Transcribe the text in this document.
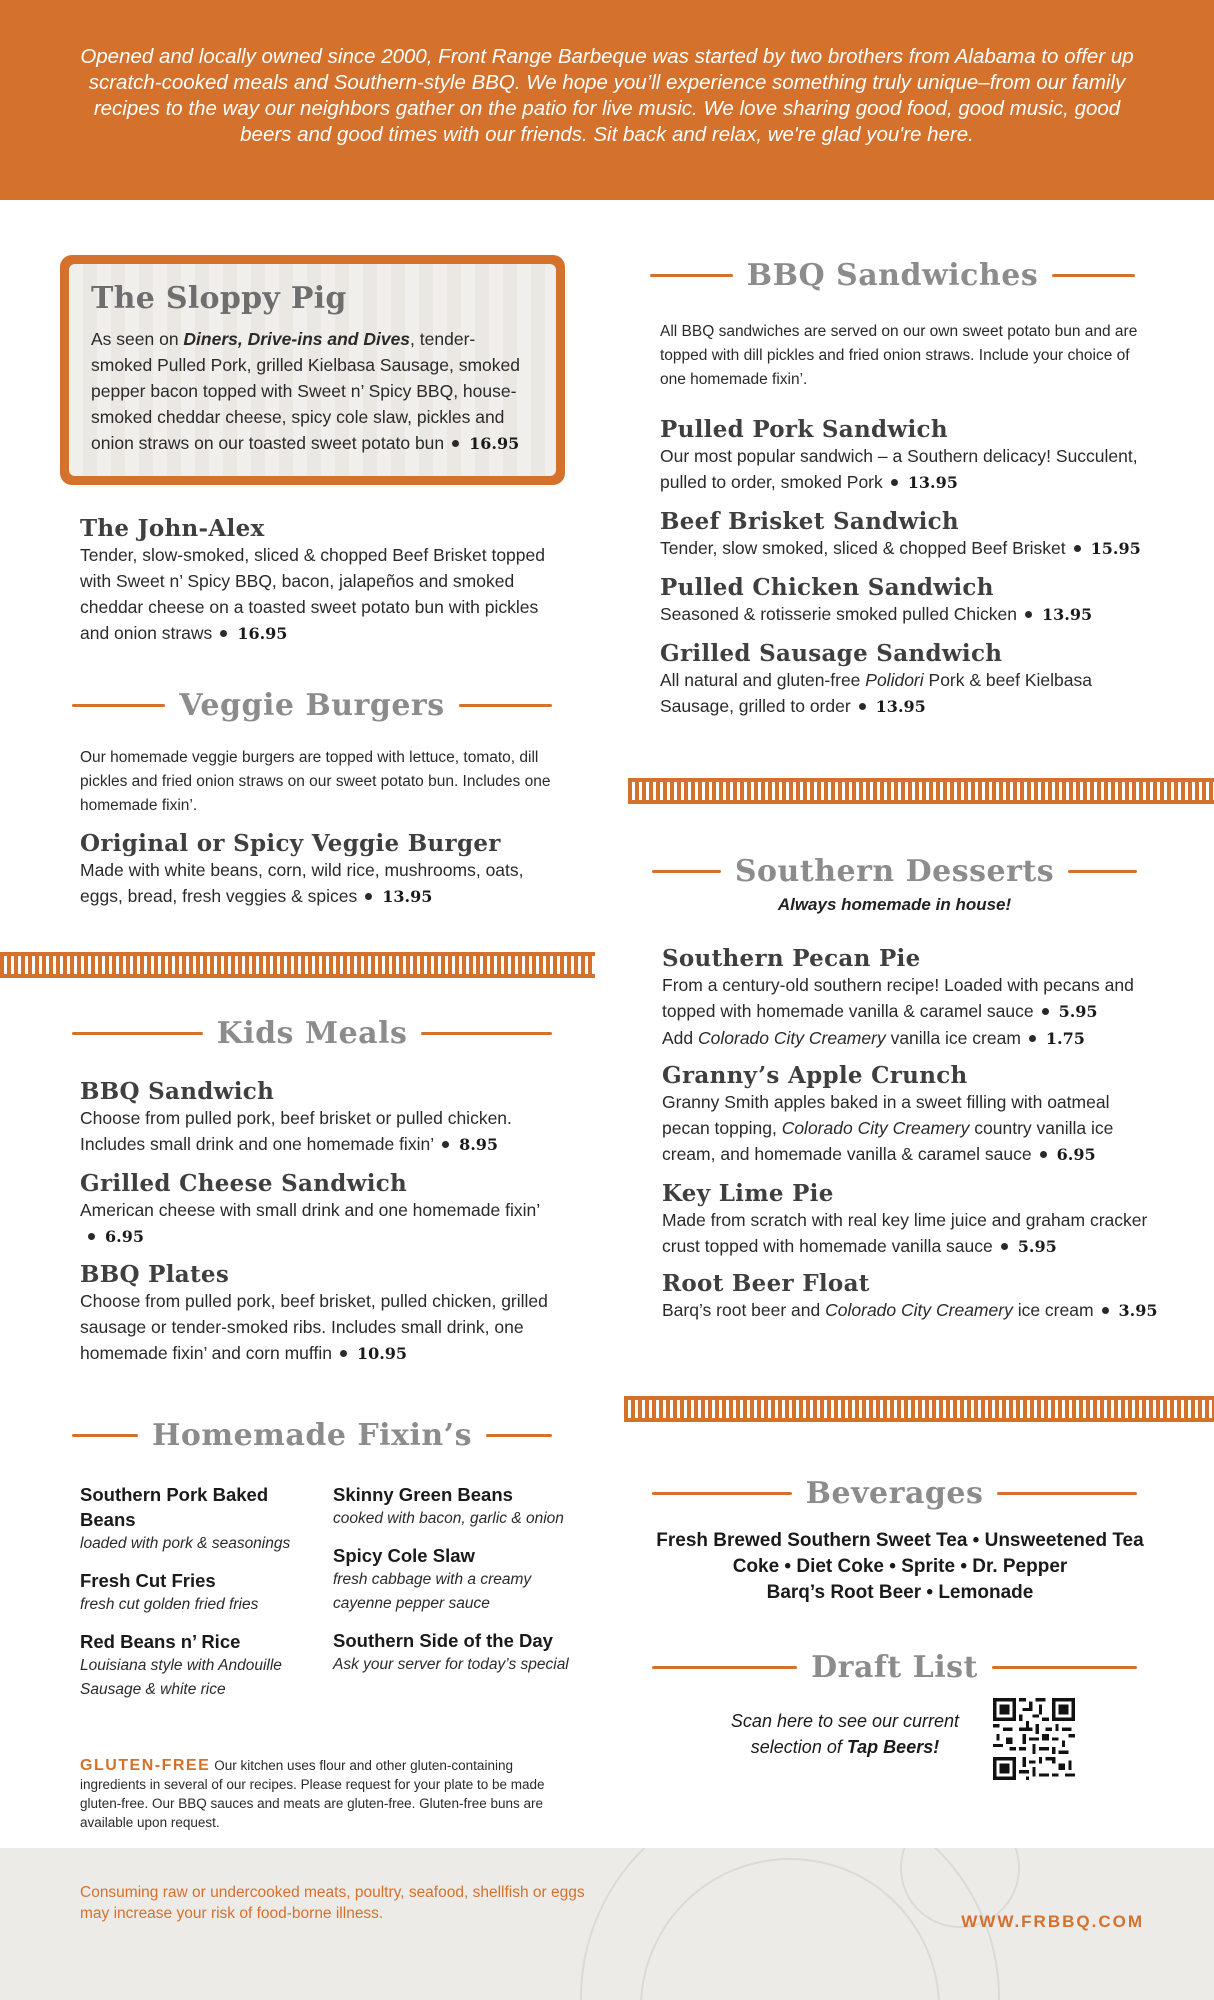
Opened and locally owned since 2000, Front Range Barbeque was started by two brothers from Alabama to offer up scratch-cooked meals and Southern-style BBQ. We hope you’ll experience something truly unique–from our family recipes to the way our neighbors gather on the patio for live music. We love sharing good food, good music, good beers and good times with our friends. Sit back and relax, we're glad you're here.

The Sloppy Pig
As seen on Diners, Drive-ins and Dives, tender-smoked Pulled Pork, grilled Kielbasa Sausage, smoked pepper bacon topped with Sweet n’ Spicy BBQ, house-smoked cheddar cheese, spicy cole slaw, pickles and onion straws on our toasted sweet potato bun 16.95
The John-Alex
Tender, slow-smoked, sliced & chopped Beef Brisket topped with Sweet n’ Spicy BBQ, bacon, jalapeños and smoked cheddar cheese on a toasted sweet potato bun with pickles and onion straws 16.95
Veggie Burgers
Our homemade veggie burgers are topped with lettuce, tomato, dill pickles and fried onion straws on our sweet potato bun. Includes one homemade fixin’.
Original or Spicy Veggie Burger
Made with white beans, corn, wild rice, mushrooms, oats, eggs, bread, fresh veggies & spices 13.95
Kids Meals
BBQ Sandwich
Choose from pulled pork, beef brisket or pulled chicken. Includes small drink and one homemade fixin’ 8.95
Grilled Cheese Sandwich
American cheese with small drink and one homemade fixin’6.95
BBQ Plates
Choose from pulled pork, beef brisket, pulled chicken, grilled sausage or tender-smoked ribs. Includes small drink, one homemade fixin’ and corn muffin 10.95
Homemade Fixin’s
Southern Pork Baked Beans
loaded with pork & seasonings
Fresh Cut Fries
fresh cut golden fried fries
Red Beans n’ Rice
Louisiana style with Andouille Sausage & white rice
Skinny Green Beans
cooked with bacon, garlic & onion
Spicy Cole Slaw
fresh cabbage with a creamy cayenne pepper sauce
Southern Side of the Day
Ask your server for today’s special
GLUTEN-FREE Our kitchen uses flour and other gluten-containing ingredients in several of our recipes. Please request for your plate to be made gluten-free. Our BBQ sauces and meats are gluten-free. Gluten-free buns are available upon request.
BBQ Sandwiches
All BBQ sandwiches are served on our own sweet potato bun and are topped with dill pickles and fried onion straws. Include your choice of one homemade fixin’.
Pulled Pork Sandwich
Our most popular sandwich – a Southern delicacy! Succulent, pulled to order, smoked Pork 13.95
Beef Brisket Sandwich
Tender, slow smoked, sliced & chopped Beef Brisket 15.95
Pulled Chicken Sandwich
Seasoned & rotisserie smoked pulled Chicken 13.95
Grilled Sausage Sandwich
All natural and gluten-free Polidori Pork & beef Kielbasa Sausage, grilled to order 13.95
Southern Desserts
Always homemade in house!
Southern Pecan Pie
From a century-old southern recipe! Loaded with pecans and topped with homemade vanilla & caramel sauce 5.95
Add Colorado City Creamery vanilla ice cream 1.75
Granny’s Apple Crunch
Granny Smith apples baked in a sweet filling with oatmeal pecan topping, Colorado City Creamery country vanilla ice cream, and homemade vanilla & caramel sauce 6.95
Key Lime Pie
Made from scratch with real key lime juice and graham cracker crust topped with homemade vanilla sauce 5.95
Root Beer Float
Barq’s root beer and Colorado City Creamery ice cream 3.95
Beverages
Fresh Brewed Southern Sweet Tea • Unsweetened Tea
Coke • Diet Coke • Sprite • Dr. Pepper
Barq’s Root Beer • Lemonade
Draft List
Scan here to see our current selection of Tap Beers!
Consuming raw or undercooked meats, poultry, seafood, shellfish or eggs may increase your risk of food-borne illness.	WWW.FRBBQ.COM
